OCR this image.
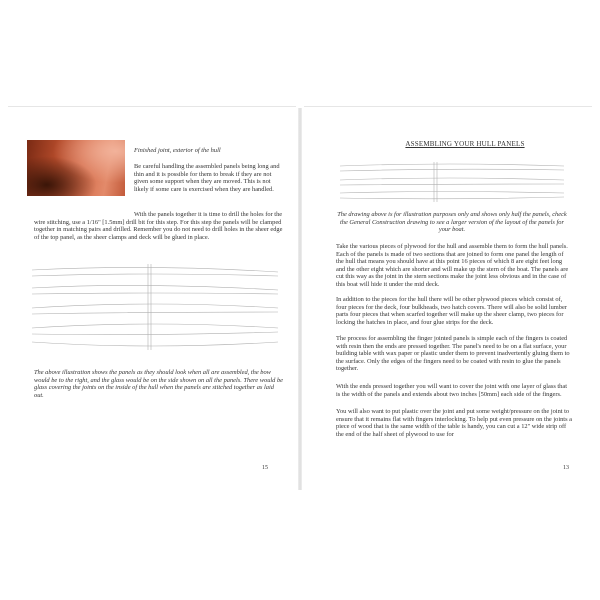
Finished joint, exterior of the hull
Be careful handling the assembled panels being long and thin and it is possible for them to break if they are not given some support when they are moved. This is not likely if some care is exercised when they are handled.
With the panels together it is time to drill the holes for the wire stitching, use a 1/16" [1.5mm] drill bit for this step. For this step the panels will be clamped together in matching pairs and drilled. Remember you do not need to drill holes in the sheer edge of the top panel, as the sheer clamps and deck will be glued in place.
The above illustration shows the panels as they should look when all are assembled, the bow would be to the right, and the glass would be on the side shown on all the panels. There would be glass covering the joints on the inside of the hull when the panels are stitched together as laid out.
15
ASSEMBLING YOUR HULL PANELS
The drawing above is for illustration purposes only and shows only half the panels, check the General Construction drawing to see a larger version of the layout of the panels for your boat.
Take the various pieces of plywood for the hull and assemble them to form the hull panels. Each of the panels is made of two sections that are joined to form one panel the length of the hull that means you should have at this point 16 pieces of which 8 are eight feet long and the other eight which are shorter and will make up the stern of the boat. The panels are cut this way as the joint in the stern sections make the joint less obvious and in the case of this boat will hide it under the mid deck.
In addition to the pieces for the hull there will be other plywood pieces which consist of, four pieces for the deck, four bulkheads, two hatch covers. There will also be solid lumber parts four pieces that when scarfed together will make up the sheer clamp, two pieces for locking the hatches in place, and four glue strips for the deck.
The process for assembling the finger jointed panels is simple each of the fingers is coated with resin then the ends are pressed together. The panel's need to be on a flat surface, your building table with wax paper or plastic under them to prevent inadvertently gluing them to the surface. Only the edges of the fingers need to be coated with resin to glue the panels together.
With the ends pressed together you will want to cover the joint with one layer of glass that is the width of the panels and extends about two inches [50mm] each side of the fingers.
You will also want to put plastic over the joint and put some weight/pressure on the joint to ensure that it remains flat with fingers interlocking. To help put even pressure on the joints a piece of wood that is the same width of the table is handy, you can cut a 12" wide strip off the end of the half sheet of plywood to use for
13
